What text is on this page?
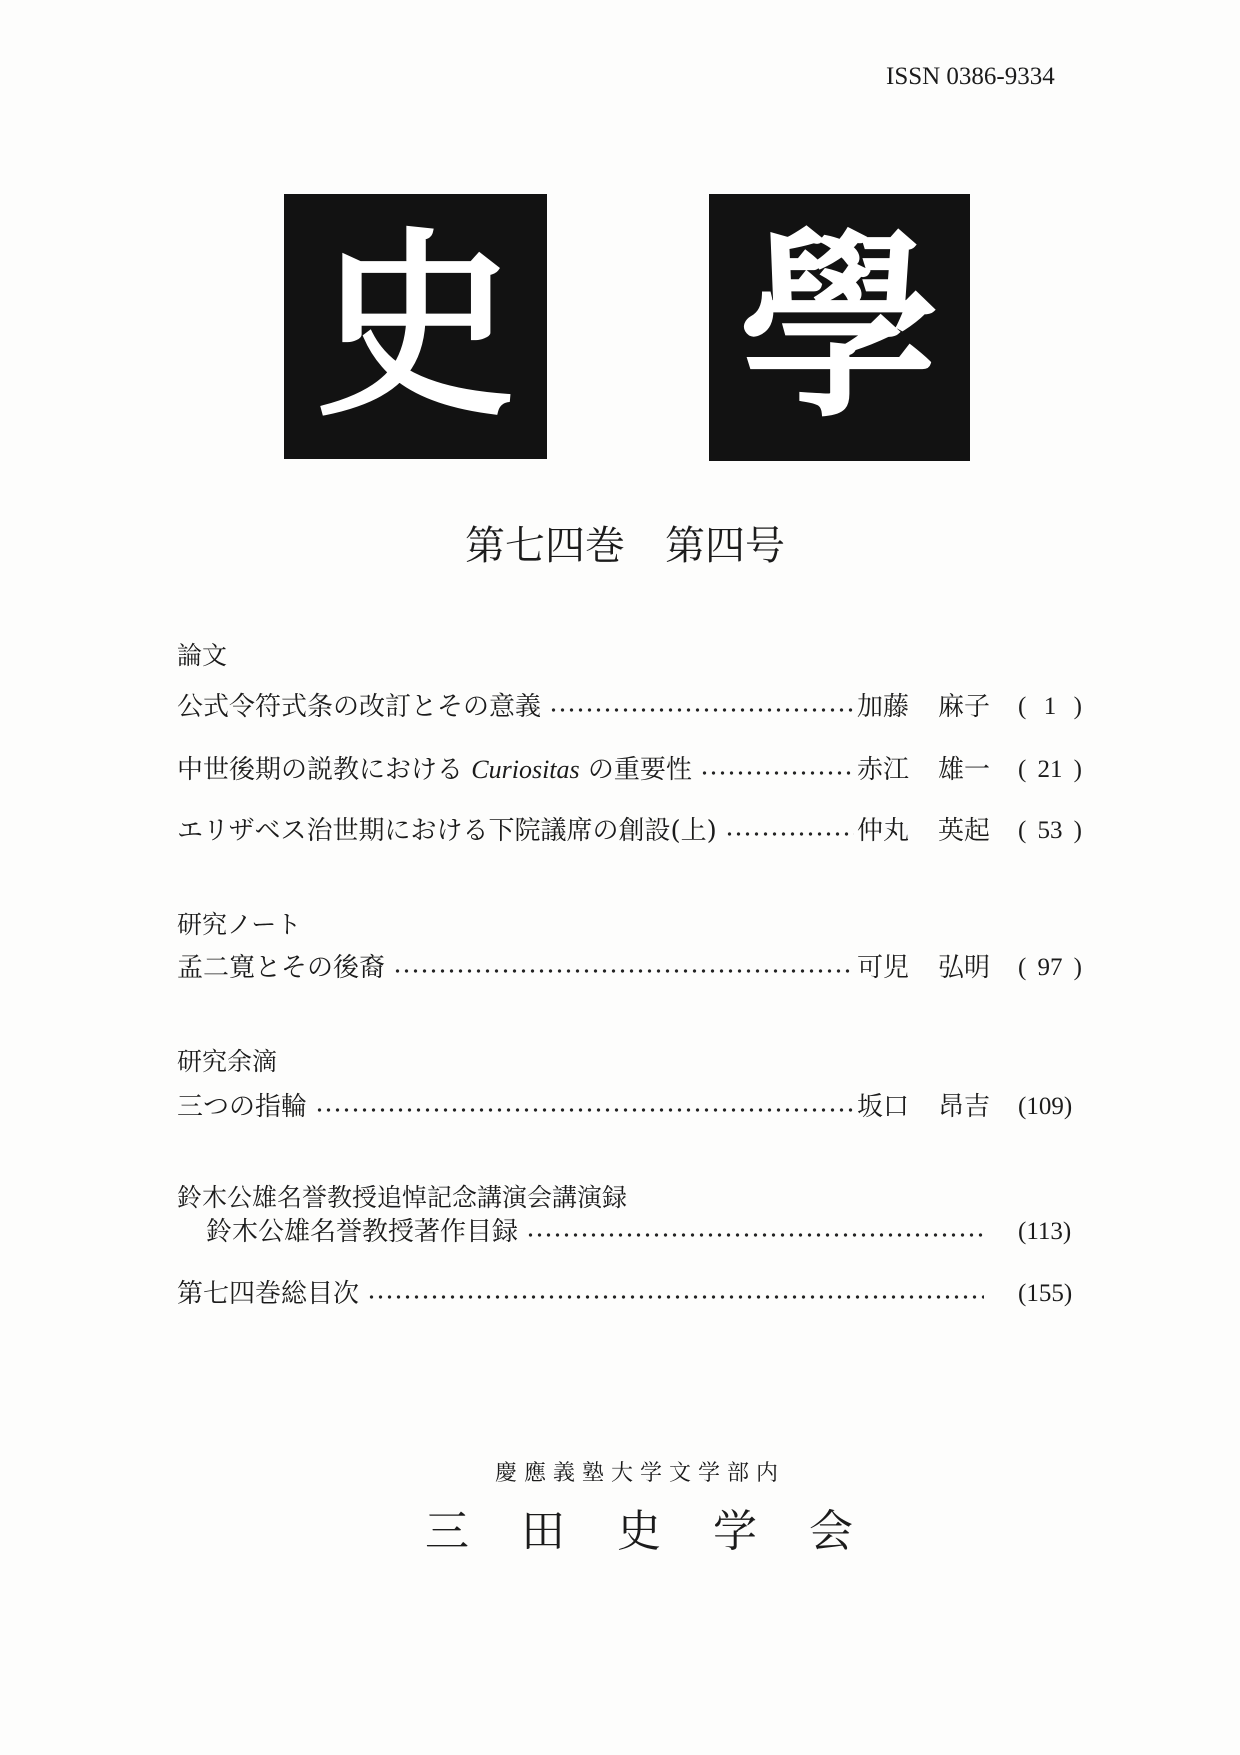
ISSN 0386-9334
史 學
第七四巻　第四号
論文
公式令符式条の改訂とその意義	加藤 麻子 ( 1 )
中世後期の説教における Curiositas の重要性	赤江 雄一 ( 21 )
エリザベス治世期における下院議席の創設(上)	仲丸 英起 ( 53 )
研究ノート
孟二寛とその後裔	可児 弘明 ( 97 )
研究余滴
三つの指輪	坂口 昂吉 (109)
鈴木公雄名誉教授追悼記念講演会講演録
鈴木公雄名誉教授著作目録	(113)
第七四巻総目次	(155)
慶應義塾大学文学部内
三田史学会
